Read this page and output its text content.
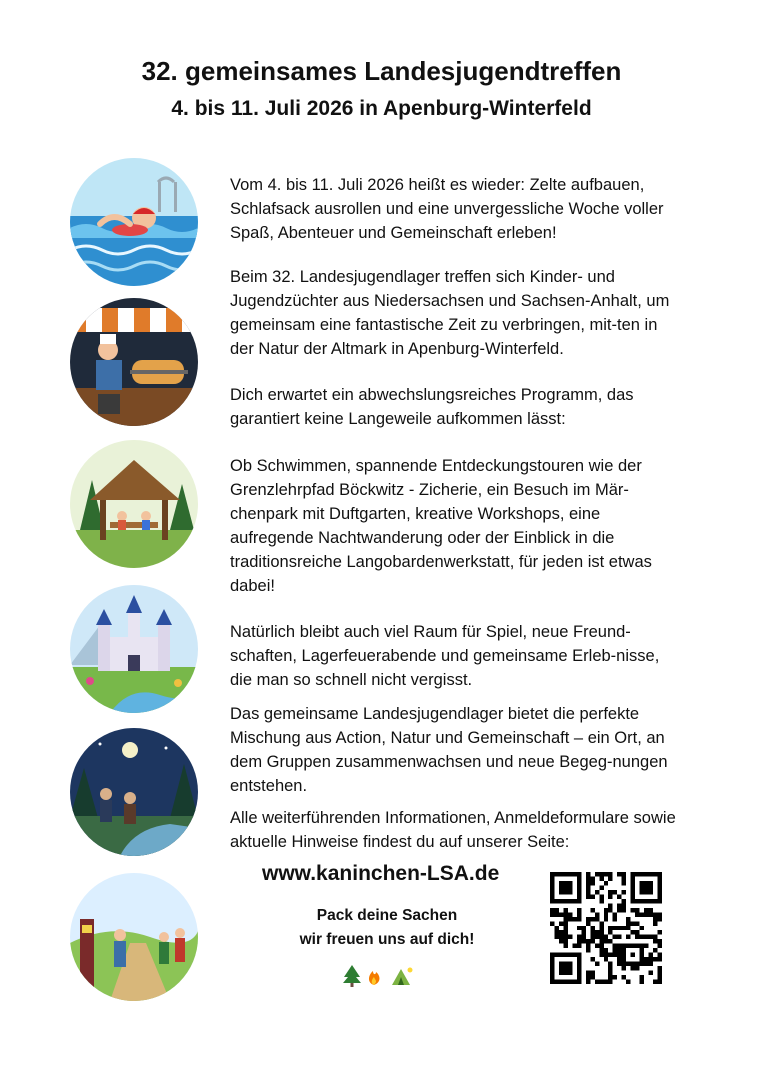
32. gemeinsames Landesjugendtreffen
4. bis 11. Juli 2026 in Apenburg-Winterfeld

Vom 4. bis 11. Juli 2026 heißt es wieder: Zelte aufbauen, Schlafsack ausrollen und eine unvergessliche Woche voller Spaß, Abenteuer und Gemeinschaft erleben!

Beim 32. Landesjugendlager treffen sich Kinder- und Jugendzüchter aus Niedersachsen und Sachsen-Anhalt, um gemeinsam eine fantastische Zeit zu verbringen, mit-ten in der Natur der Altmark in Apenburg-Winterfeld.

Dich erwartet ein abwechslungsreiches Programm, das garantiert keine Langeweile aufkommen lässt:

Ob Schwimmen, spannende Entdeckungstouren wie der Grenzlehrpfad Böckwitz - Zicherie, ein Besuch im Mär-chenpark mit Duftgarten, kreative Workshops, eine aufregende Nachtwanderung oder der Einblick in die traditionsreiche Langobardenwerkstatt, für jeden ist etwas dabei!

Natürlich bleibt auch viel Raum für Spiel, neue Freund-schaften, Lagerfeuerabende und gemeinsame Erleb-nisse, die man so schnell nicht vergisst.

Das gemeinsame Landesjugendlager bietet die perfekte Mischung aus Action, Natur und Gemeinschaft – ein Ort, an dem Gruppen zusammenwachsen und neue Begeg-nungen entstehen.

Alle weiterführenden Informationen, Anmeldeformulare sowie aktuelle Hinweise findest du auf unserer Seite:

www.kaninchen-LSA.de
Pack deine Sachen
wir freuen uns auf dich!
